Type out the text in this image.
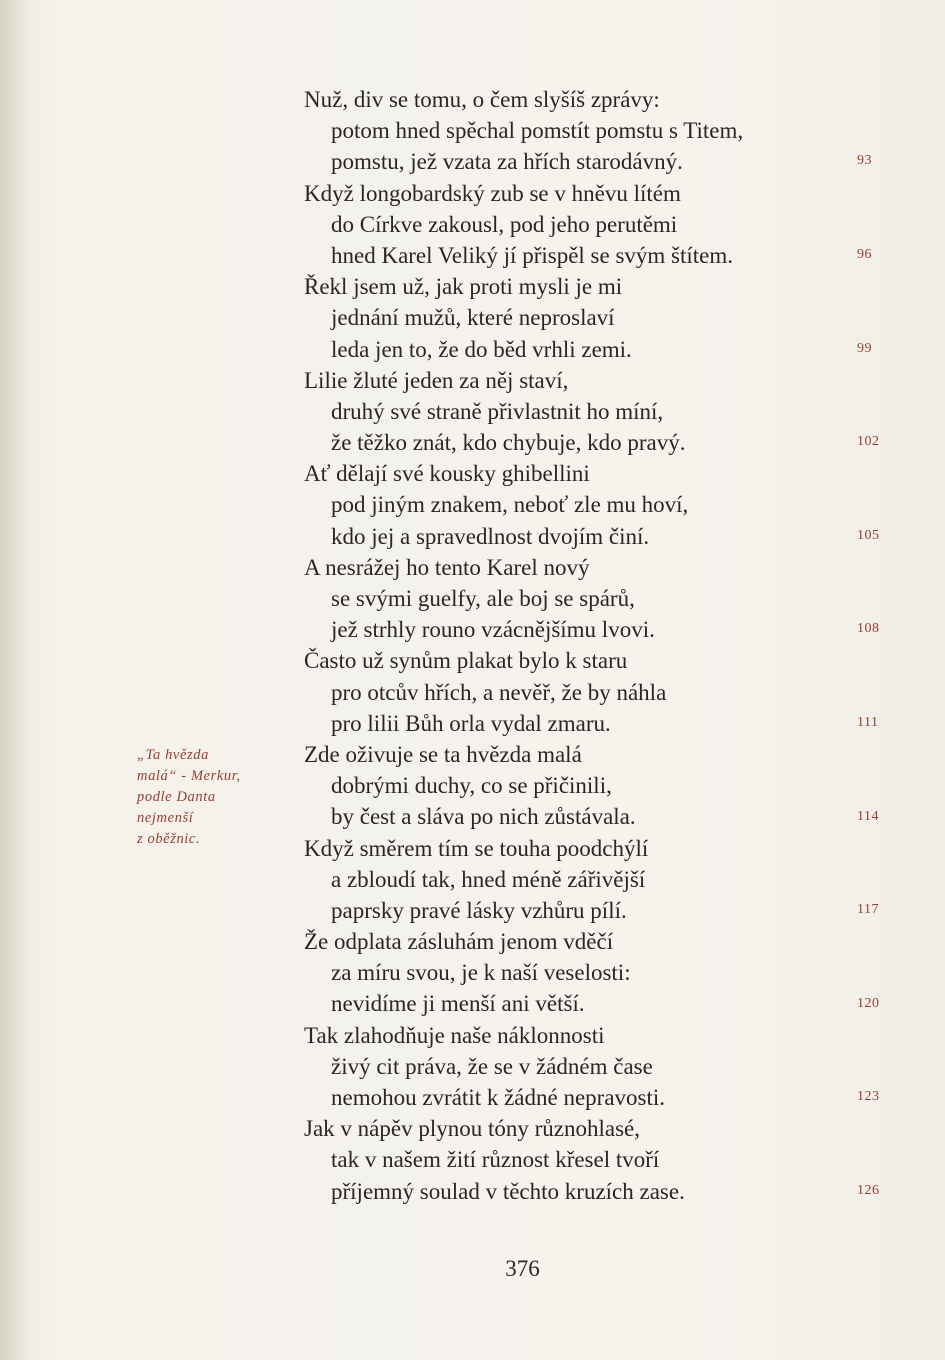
„Ta hvězda
malá“ - Merkur,
podle Danta
nejmenší
z oběžnic.
Nuž, div se tomu, o čem slyšíš zprávy:
potom hned spěchal pomstít pomstu s Titem,
pomstu, jež vzata za hřích starodávný.
Když longobardský zub se v hněvu lítém
do Církve zakousl, pod jeho perutěmi
hned Karel Veliký jí přispěl se svým štítem.
Řekl jsem už, jak proti mysli je mi
jednání mužů, které neproslaví
leda jen to, že do běd vrhli zemi.
Lilie žluté jeden za něj staví,
druhý své straně přivlastnit ho míní,
že těžko znát, kdo chybuje, kdo pravý.
Ať dělají své kousky ghibellini
pod jiným znakem, neboť zle mu hoví,
kdo jej a spravedlnost dvojím činí.
A nesrážej ho tento Karel nový
se svými guelfy, ale boj se spárů,
jež strhly rouno vzácnějšímu lvovi.
Často už synům plakat bylo k staru
pro otcův hřích, a nevěř, že by náhla
pro lilii Bůh orla vydal zmaru.
Zde oživuje se ta hvězda malá
dobrými duchy, co se přičinili,
by čest a sláva po nich zůstávala.
Když směrem tím se touha poodchýlí
a zbloudí tak, hned méně zářivější
paprsky pravé lásky vzhůru pílí.
Že odplata zásluhám jenom vděčí
za míru svou, je k naší veselosti:
nevidíme ji menší ani větší.
Tak zlahodňuje naše náklonnosti
živý cit práva, že se v žádném čase
nemohou zvrátit k žádné nepravosti.
Jak v nápěv plynou tóny různohlasé,
tak v našem žití různost křesel tvoří
příjemný soulad v těchto kruzích zase.
376
93
96
99
102
105
108
111
114
117
120
123
126
